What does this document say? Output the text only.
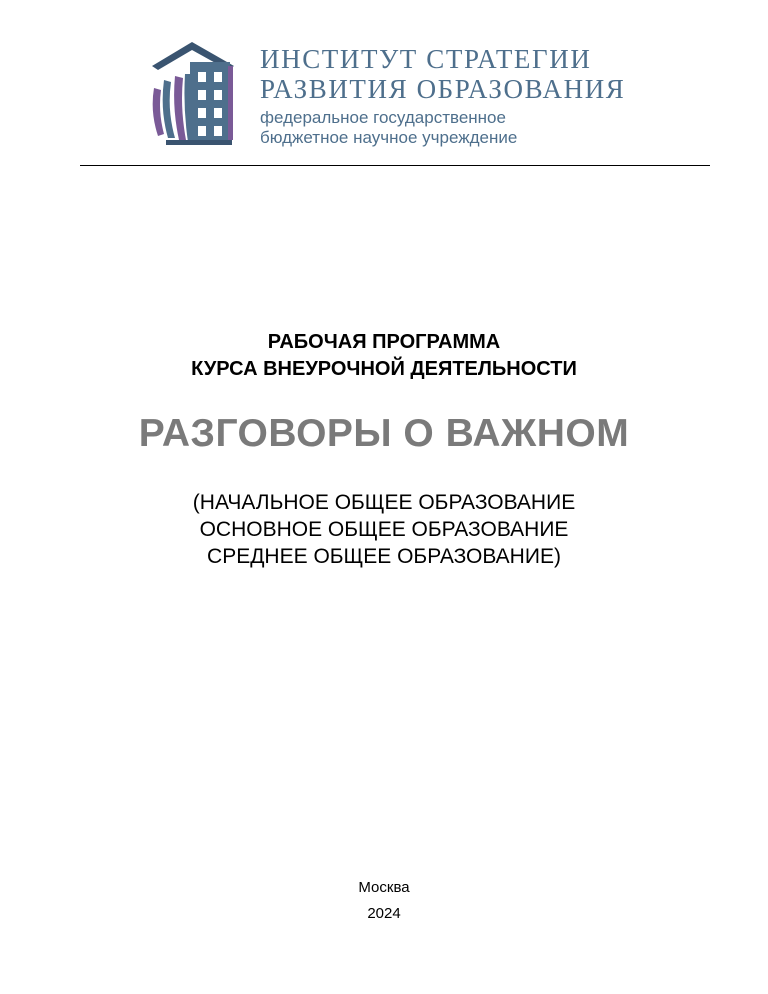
ИНСТИТУТ СТРАТЕГИИ
РАЗВИТИЯ ОБРАЗОВАНИЯ
федеральное государственное
бюджетное научное учреждение
РАБОЧАЯ ПРОГРАММА
КУРСА ВНЕУРОЧНОЙ ДЕЯТЕЛЬНОСТИ
РАЗГОВОРЫ О ВАЖНОМ
(НАЧАЛЬНОЕ ОБЩЕЕ ОБРАЗОВАНИЕ
ОСНОВНОЕ ОБЩЕЕ ОБРАЗОВАНИЕ
СРЕДНЕЕ ОБЩЕЕ ОБРАЗОВАНИЕ)
Москва
2024
